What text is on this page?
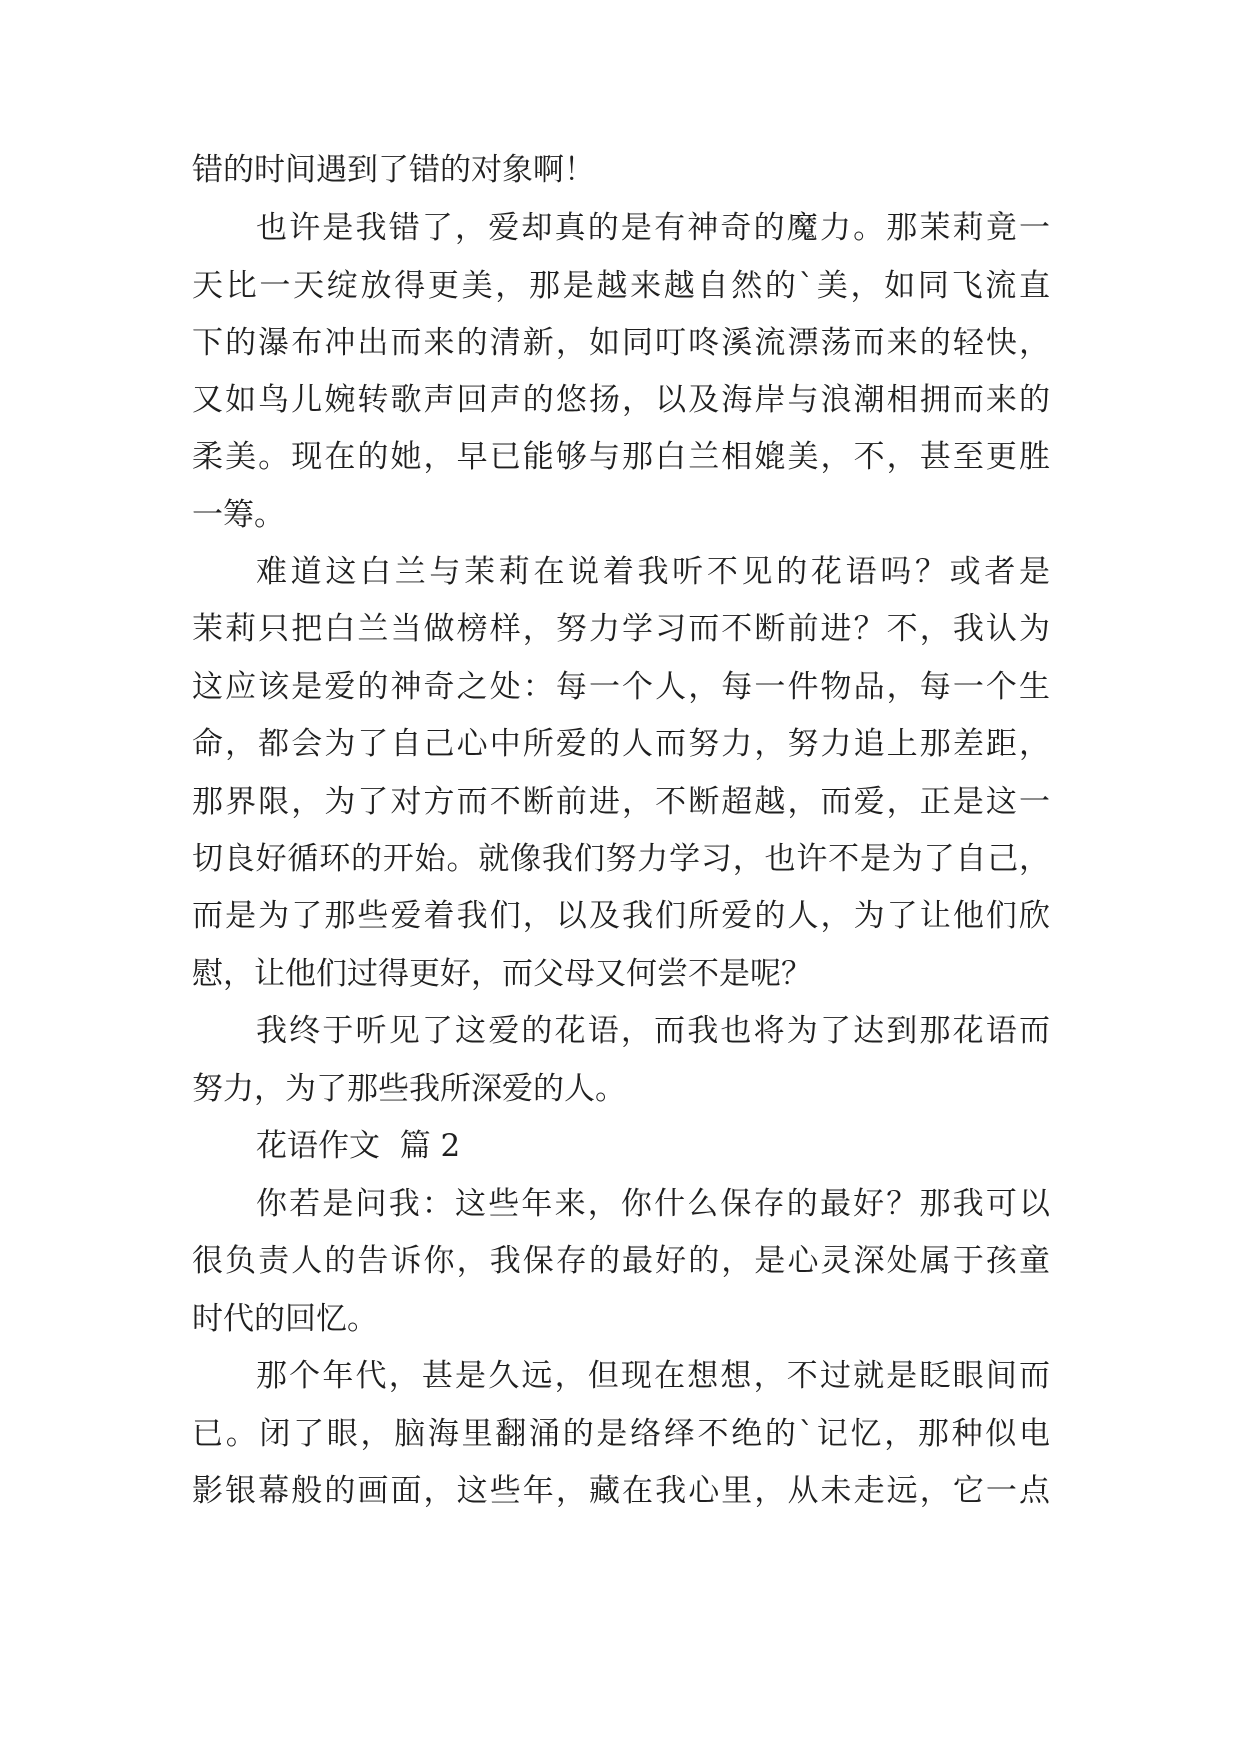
错的时间遇到了错的对象啊！

也许是我错了，爱却真的是有神奇的魔力。那茉莉竟一

天比一天绽放得更美，那是越来越自然的`美，如同飞流直

下的瀑布冲出而来的清新，如同叮咚溪流漂荡而来的轻快，

又如鸟儿婉转歌声回声的悠扬，以及海岸与浪潮相拥而来的

柔美。现在的她，早已能够与那白兰相媲美，不，甚至更胜

一筹。

难道这白兰与茉莉在说着我听不见的花语吗？或者是

茉莉只把白兰当做榜样，努力学习而不断前进？不，我认为

这应该是爱的神奇之处：每一个人，每一件物品，每一个生

命，都会为了自己心中所爱的人而努力，努力追上那差距，

那界限，为了对方而不断前进，不断超越，而爱，正是这一

切良好循环的开始。就像我们努力学习，也许不是为了自己，

而是为了那些爱着我们，以及我们所爱的人，为了让他们欣

慰，让他们过得更好，而父母又何尝不是呢？

我终于听见了这爱的花语，而我也将为了达到那花语而

努力，为了那些我所深爱的人。

花语作文  篇 2

你若是问我：这些年来，你什么保存的最好？那我可以

很负责人的告诉你，我保存的最好的，是心灵深处属于孩童

时代的回忆。

那个年代，甚是久远，但现在想想，不过就是眨眼间而

已。闭了眼，脑海里翻涌的是络绎不绝的`记忆，那种似电

影银幕般的画面，这些年，藏在我心里，从未走远，它一点
